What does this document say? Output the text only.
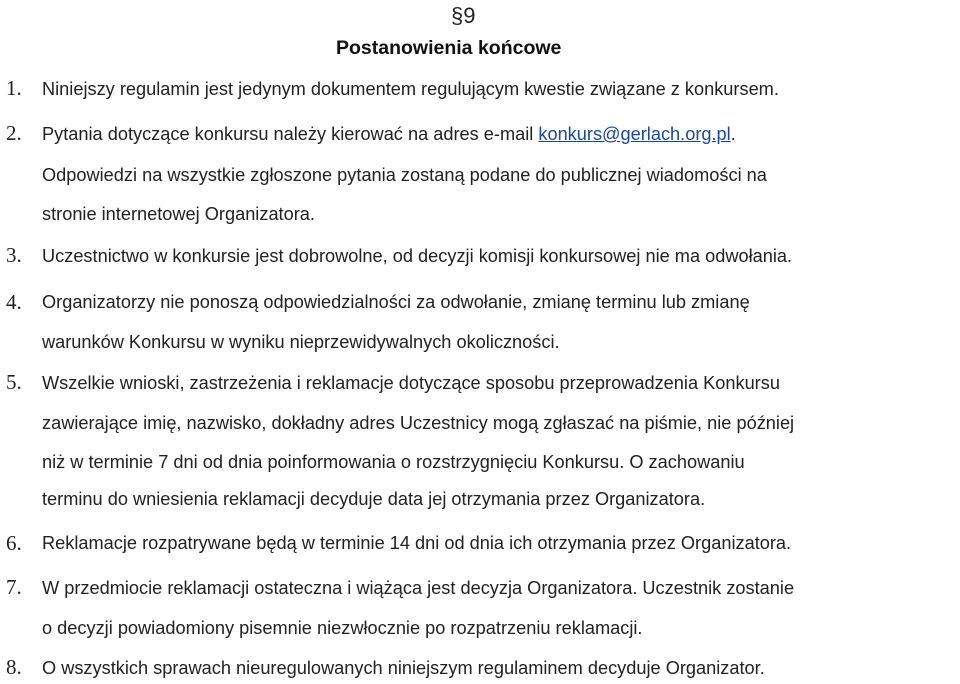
§9
Postanowienia końcowe
1. Niniejszy regulamin jest jedynym dokumentem regulującym kwestie związane z konkursem.
2. Pytania dotyczące konkursu należy kierować na adres e-mail konkurs@gerlach.org.pl.
Odpowiedzi na wszystkie zgłoszone pytania zostaną podane do publicznej wiadomości na
stronie internetowej Organizatora.
3. Uczestnictwo w konkursie jest dobrowolne, od decyzji komisji konkursowej nie ma odwołania.
4. Organizatorzy nie ponoszą odpowiedzialności za odwołanie, zmianę terminu lub zmianę
warunków Konkursu w wyniku nieprzewidywalnych okoliczności.
5. Wszelkie wnioski, zastrzeżenia i reklamacje dotyczące sposobu przeprowadzenia Konkursu
zawierające imię, nazwisko, dokładny adres Uczestnicy mogą zgłaszać na piśmie, nie później
niż w terminie 7 dni od dnia poinformowania o rozstrzygnięciu Konkursu. O zachowaniu
terminu do wniesienia reklamacji decyduje data jej otrzymania przez Organizatora.
6. Reklamacje rozpatrywane będą w terminie 14 dni od dnia ich otrzymania przez Organizatora.
7. W przedmiocie reklamacji ostateczna i wiążąca jest decyzja Organizatora. Uczestnik zostanie
o decyzji powiadomiony pisemnie niezwłocznie po rozpatrzeniu reklamacji.
8. O wszystkich sprawach nieuregulowanych niniejszym regulaminem decyduje Organizator.
